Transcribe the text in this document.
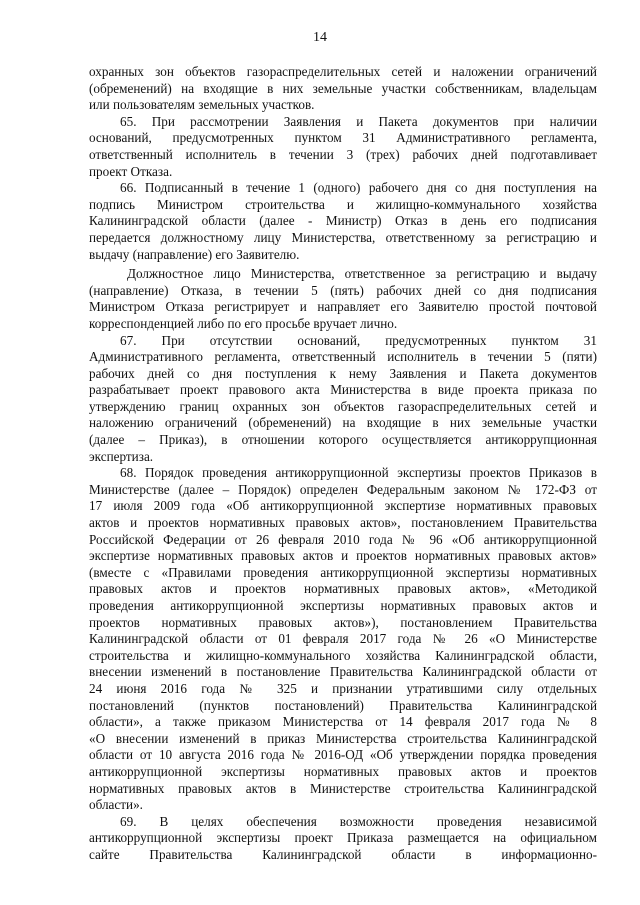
14

охранных зон объектов газораспределительных сетей и наложении ограничений
(обременений) на входящие в них земельные участки собственникам, владельцам
или пользователям земельных участков.

65. При рассмотрении Заявления и Пакета документов при наличии
оснований, предусмотренных пунктом 31 Административного регламента,
ответственный исполнитель в течении 3 (трех) рабочих дней подготавливает
проект Отказа.

66. Подписанный в течение 1 (одного) рабочего дня со дня поступления на
подпись Министром строительства и жилищно-коммунального хозяйства
Калининградской области (далее - Министр) Отказ в день его подписания
передается должностному лицу Министерства, ответственному за регистрацию и
выдачу (направление) его Заявителю.

Должностное лицо Министерства, ответственное за регистрацию и выдачу
(направление) Отказа, в течении 5 (пять) рабочих дней со дня подписания
Министром Отказа регистрирует и направляет его Заявителю простой почтовой
корреспонденцией либо по его просьбе вручает лично.

67. При отсутствии оснований, предусмотренных пунктом 31
Административного регламента, ответственный исполнитель в течении 5 (пяти)
рабочих дней со дня поступления к нему Заявления и Пакета документов
разрабатывает проект правового акта Министерства в виде проекта приказа по
утверждению границ охранных зон объектов газораспределительных сетей и
наложению ограничений (обременений) на входящие в них земельные участки
(далее – Приказ), в отношении которого осуществляется антикоррупционная
экспертиза.

68. Порядок проведения антикоррупционной экспертизы проектов Приказов в
Министерстве (далее – Порядок) определен Федеральным законом № 172-ФЗ от
17 июля 2009 года «Об антикоррупционной экспертизе нормативных правовых
актов и проектов нормативных правовых актов», постановлением Правительства
Российской Федерации от 26 февраля 2010 года № 96 «Об антикоррупционной
экспертизе нормативных правовых актов и проектов нормативных правовых актов»
(вместе с «Правилами проведения антикоррупционной экспертизы нормативных
правовых актов и проектов нормативных правовых актов», «Методикой
проведения антикоррупционной экспертизы нормативных правовых актов и
проектов нормативных правовых актов»), постановлением Правительства
Калининградской области от 01 февраля 2017 года № 26 «О Министерстве
строительства и жилищно-коммунального хозяйства Калининградской области,
внесении изменений в постановление Правительства Калининградской области от
24 июня 2016 года № 325 и признании утратившими силу отдельных
постановлений (пунктов постановлений) Правительства Калининградской
области», а также приказом Министерства от 14 февраля 2017 года № 8
«О внесении изменений в приказ Министерства строительства Калининградской
области от 10 августа 2016 года № 2016-ОД «Об утверждении порядка проведения
антикоррупционной экспертизы нормативных правовых актов и проектов
нормативных правовых актов в Министерстве строительства Калининградской
области».

69. В целях обеспечения возможности проведения независимой
антикоррупционной экспертизы проект Приказа размещается на официальном
сайте Правительства Калининградской области в информационно-
